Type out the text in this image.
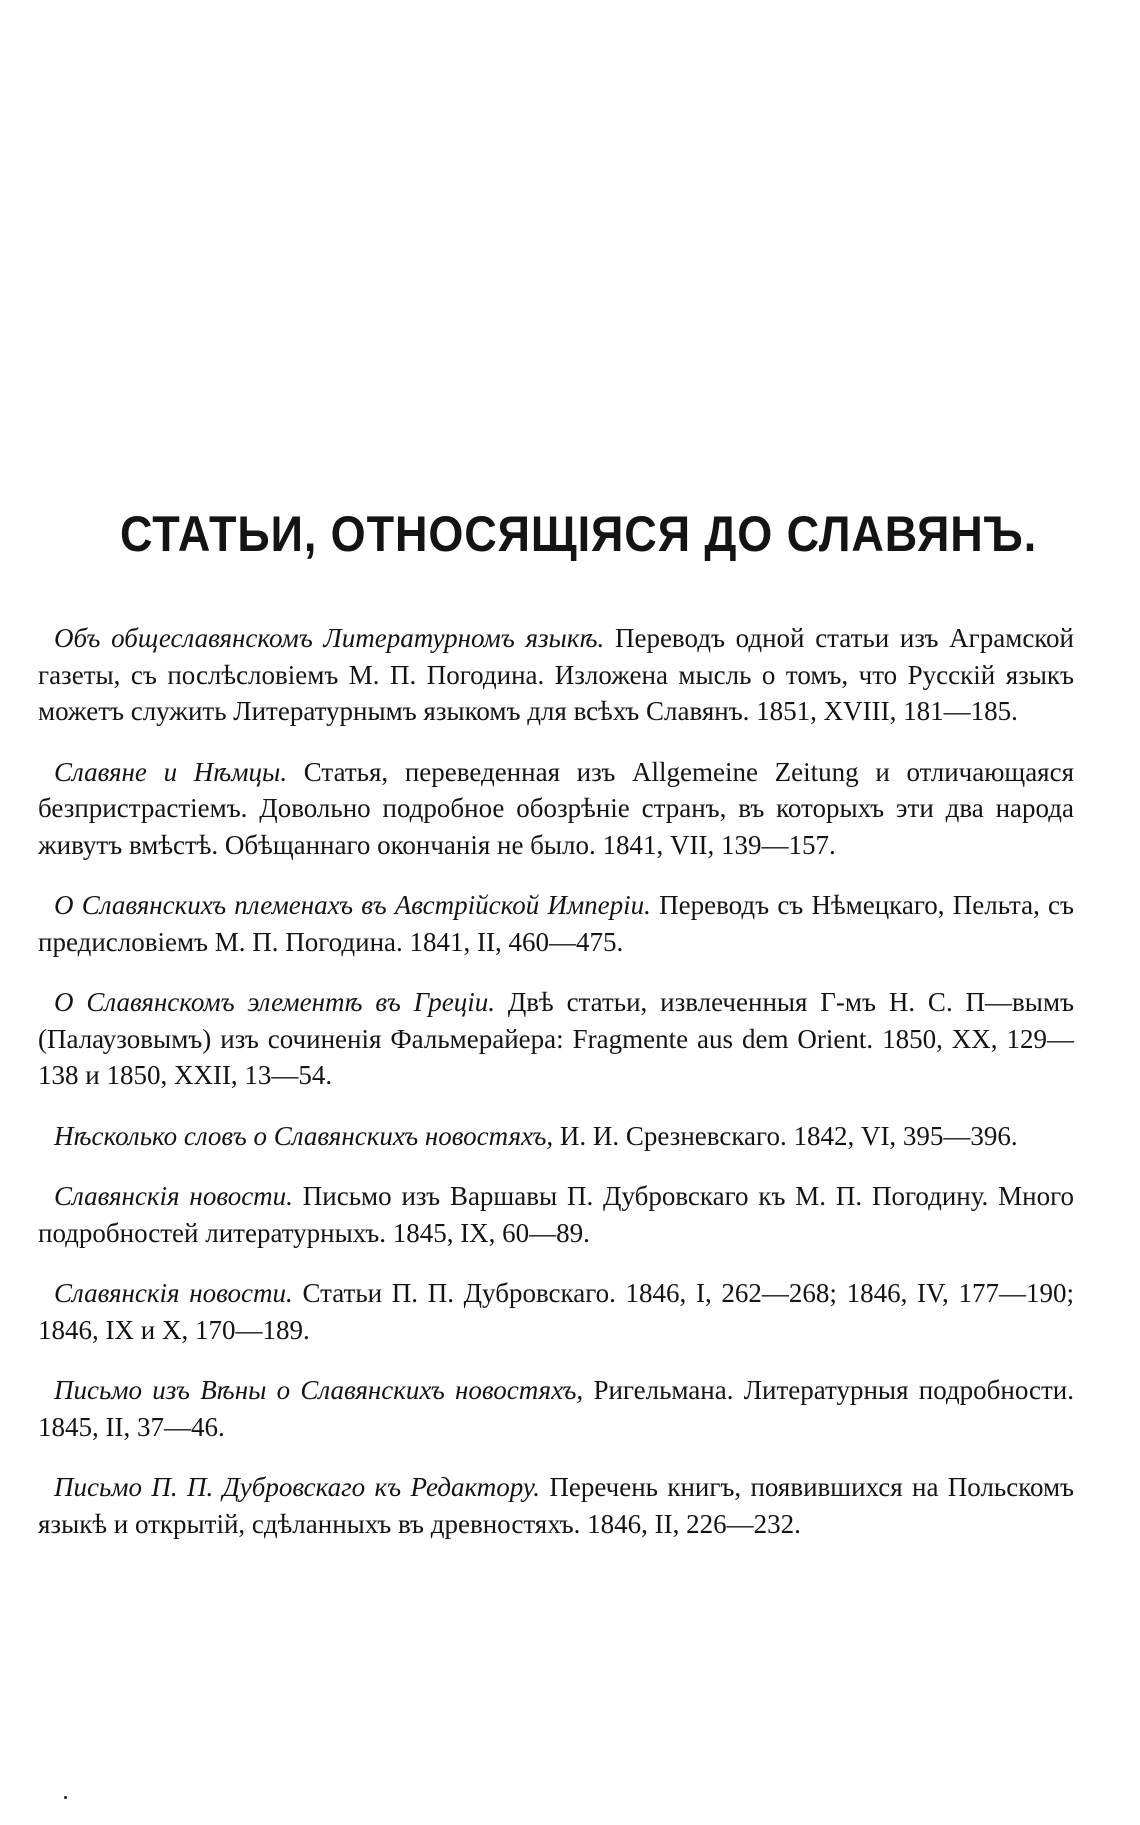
СТАТЬИ, ОТНОСЯЩІЯСЯ ДО СЛАВЯНЪ.

Объ общеславянскомъ Литературномъ языкѣ. Переводъ одной статьи изъ Аграмской газеты, съ послѣсловіемъ М. П. Погодина. Изложена мысль о томъ, что Русскій языкъ можетъ служить Литературнымъ языкомъ для всѣхъ Славянъ. 1851, XVIII, 181—185.

Славяне и Нѣмцы. Статья, переведенная изъ Allgemeine Zeitung и отличающаяся безпристрастіемъ. Довольно подробное обозрѣніе странъ, въ которыхъ эти два народа живутъ вмѣстѣ. Обѣщаннаго окончанія не было. 1841, VII, 139—157.

О Славянскихъ племенахъ въ Австрійской Имперіи. Переводъ съ Нѣмецкаго, Пельта, съ предисловіемъ М. П. Погодина. 1841, II, 460—475.

О Славянскомъ элементѣ въ Греціи. Двѣ статьи, извлеченныя Г-мъ Н. С. П—вымъ (Палаузовымъ) изъ сочиненія Фальмерайера: Fragmente aus dem Orient. 1850, XX, 129—138 и 1850, XXII, 13—54.

Нѣсколько словъ о Славянскихъ новостяхъ, И. И. Срезневскаго. 1842, VI, 395—396.

Славянскія новости. Письмо изъ Варшавы П. Дубровскаго къ М. П. Погодину. Много подробностей литературныхъ. 1845, IX, 60—89.

Славянскія новости. Статьи П. П. Дубровскаго. 1846, I, 262—268; 1846, IV, 177—190; 1846, IX и X, 170—189.

Письмо изъ Вѣны о Славянскихъ новостяхъ, Ригельмана. Литературныя подробности. 1845, II, 37—46.

Письмо П. П. Дубровскаго къ Редактору. Перечень книгъ, появившихся на Польскомъ языкѣ и открытій, сдѣланныхъ въ древностяхъ. 1846, II, 226—232.
